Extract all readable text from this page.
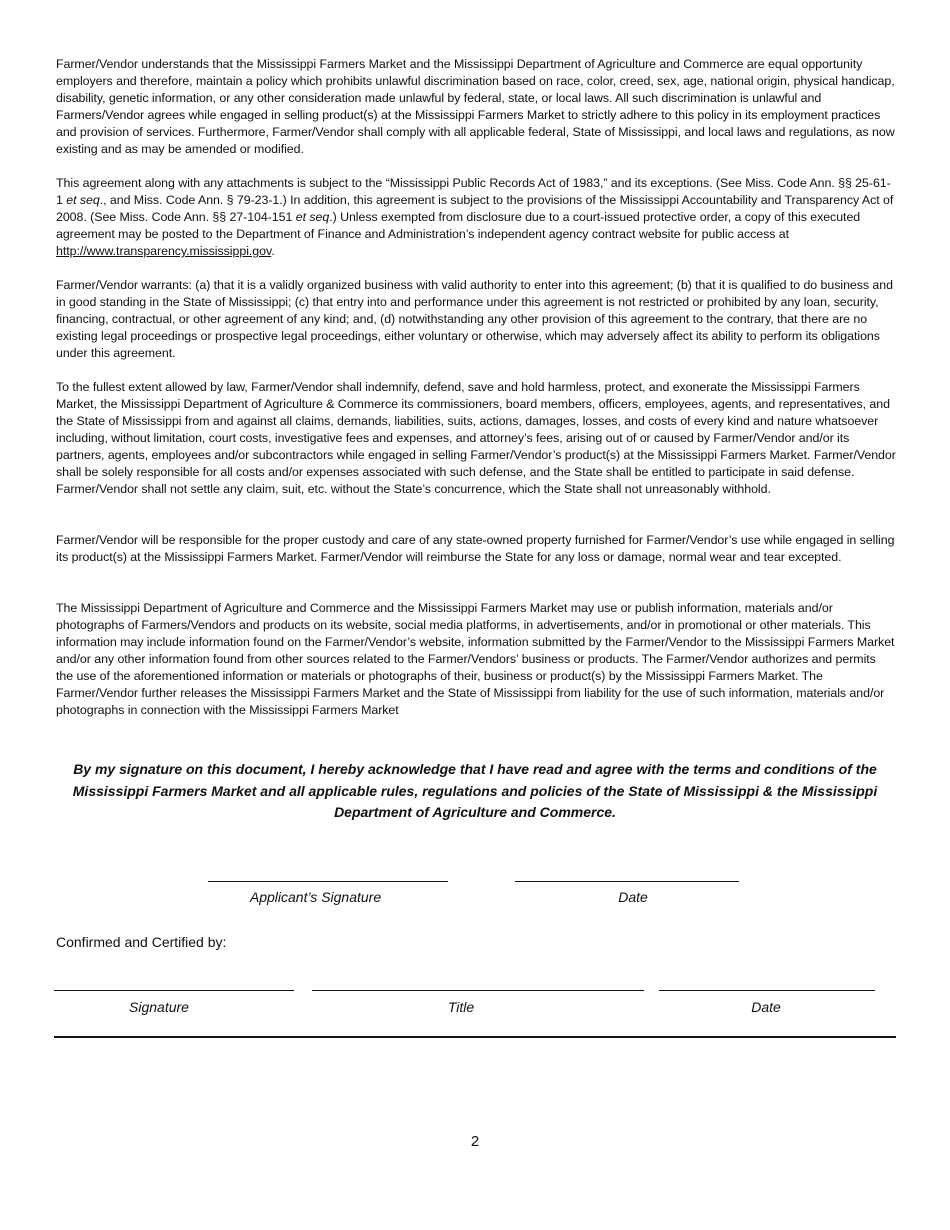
Farmer/Vendor understands that the Mississippi Farmers Market and the Mississippi Department of Agriculture and Commerce are equal opportunity employers and therefore, maintain a policy which prohibits unlawful discrimination based on race, color, creed, sex, age, national origin, physical handicap, disability, genetic information, or any other consideration made unlawful by federal, state, or local laws. All such discrimination is unlawful and Farmers/Vendor agrees while engaged in selling product(s) at the Mississippi Farmers Market to strictly adhere to this policy in its employment practices and provision of services. Furthermore, Farmer/Vendor shall comply with all applicable federal, State of Mississippi, and local laws and regulations, as now existing and as may be amended or modified.

This agreement along with any attachments is subject to the “Mississippi Public Records Act of 1983,” and its exceptions. (See Miss. Code Ann. §§ 25-61-1 et seq., and Miss. Code Ann. § 79-23-1.) In addition, this agreement is subject to the provisions of the Mississippi Accountability and Transparency Act of 2008. (See Miss. Code Ann. §§ 27-104-151 et seq.) Unless exempted from disclosure due to a court-issued protective order, a copy of this executed agreement may be posted to the Department of Finance and Administration’s independent agency contract website for public access at http://www.transparency.mississippi.gov.

Farmer/Vendor warrants: (a) that it is a validly organized business with valid authority to enter into this agreement; (b) that it is qualified to do business and in good standing in the State of Mississippi; (c) that entry into and performance under this agreement is not restricted or prohibited by any loan, security, financing, contractual, or other agreement of any kind; and, (d) notwithstanding any other provision of this agreement to the contrary, that there are no existing legal proceedings or prospective legal proceedings, either voluntary or otherwise, which may adversely affect its ability to perform its obligations under this agreement.

To the fullest extent allowed by law, Farmer/Vendor shall indemnify, defend, save and hold harmless, protect, and exonerate the Mississippi Farmers Market, the Mississippi Department of Agriculture & Commerce its commissioners, board members, officers, employees, agents, and representatives, and the State of Mississippi from and against all claims, demands, liabilities, suits, actions, damages, losses, and costs of every kind and nature whatsoever including, without limitation, court costs, investigative fees and expenses, and attorney’s fees, arising out of or caused by Farmer/Vendor and/or its partners, agents, employees and/or subcontractors while engaged in selling Farmer/Vendor’s product(s) at the Mississippi Farmers Market. Farmer/Vendor shall be solely responsible for all costs and/or expenses associated with such defense, and the State shall be entitled to participate in said defense. Farmer/Vendor shall not settle any claim, suit, etc. without the State’s concurrence, which the State shall not unreasonably withhold.

Farmer/Vendor will be responsible for the proper custody and care of any state-owned property furnished for Farmer/Vendor’s use while engaged in selling its product(s) at the Mississippi Farmers Market. Farmer/Vendor will reimburse the State for any loss or damage, normal wear and tear excepted.

The Mississippi Department of Agriculture and Commerce and the Mississippi Farmers Market may use or publish information, materials and/or photographs of Farmers/Vendors and products on its website, social media platforms, in advertisements, and/or in promotional or other materials. This information may include information found on the Farmer/Vendor’s website, information submitted by the Farmer/Vendor to the Mississippi Farmers Market and/or any other information found from other sources related to the Farmer/Vendors’ business or products. The Farmer/Vendor authorizes and permits the use of the aforementioned information or materials or photographs of their, business or product(s) by the Mississippi Farmers Market. The Farmer/Vendor further releases the Mississippi Farmers Market and the State of Mississippi from liability for the use of such information, materials and/or photographs in connection with the Mississippi Farmers Market

By my signature on this document, I hereby acknowledge that I have read and agree with the terms and conditions of the Mississippi Farmers Market and all applicable rules, regulations and policies of the State of Mississippi & the Mississippi Department of Agriculture and Commerce.

Applicant’s Signature	Date
Confirmed and Certified by:
Signature	Title	Date
2
